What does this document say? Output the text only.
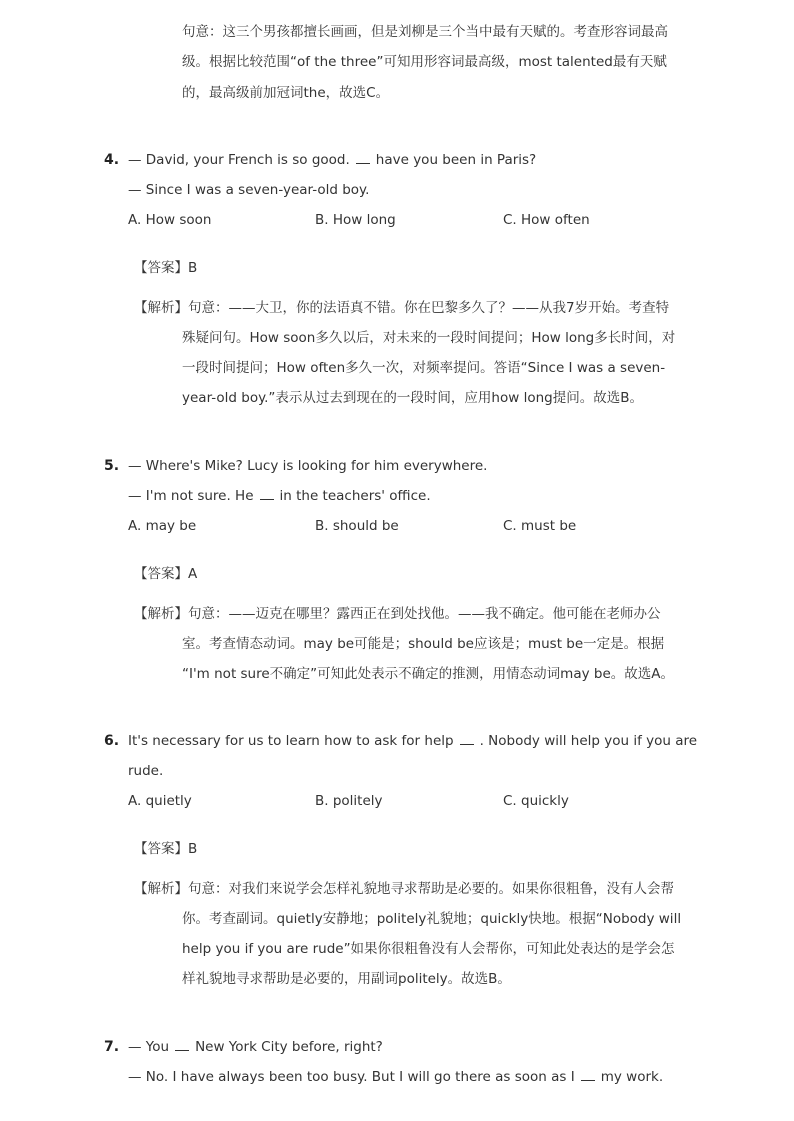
句意：这三个男孩都擅长画画，但是刘柳是三个当中最有天赋的。考查形容词最高
级。根据比较范围“of the three”可知用形容词最高级，most talented最有天赋
的，最高级前加冠词the，故选C。
4. — David, your French is so good. have you been in Paris?
— Since I was a seven-year-old boy.
A. How soon	B. How long	C. How often
【答案】B
【解析】句意：——大卫，你的法语真不错。你在巴黎多久了？——从我7岁开始。考查特
殊疑问句。How soon多久以后，对未来的一段时间提问；How long多长时间，对
一段时间提问；How often多久一次，对频率提问。答语“Since I was a seven-
year-old boy.”表示从过去到现在的一段时间，应用how long提问。故选B。
5. — Where's Mike? Lucy is looking for him everywhere.
— I'm not sure. He in the teachers' office.
A. may be	B. should be	C. must be
【答案】A
【解析】句意：——迈克在哪里？露西正在到处找他。——我不确定。他可能在老师办公
室。考查情态动词。may be可能是；should be应该是；must be一定是。根据
“I'm not sure不确定”可知此处表示不确定的推测，用情态动词may be。故选A。
6. It's necessary for us to learn how to ask for help . Nobody will help you if you are
rude.
A. quietly	B. politely	C. quickly
【答案】B
【解析】句意：对我们来说学会怎样礼貌地寻求帮助是必要的。如果你很粗鲁，没有人会帮
你。考查副词。quietly安静地；politely礼貌地；quickly快地。根据“Nobody will
help you if you are rude”如果你很粗鲁没有人会帮你，可知此处表达的是学会怎
样礼貌地寻求帮助是必要的，用副词politely。故选B。
7. — You New York City before, right?
— No. I have always been too busy. But I will go there as soon as I my work.
